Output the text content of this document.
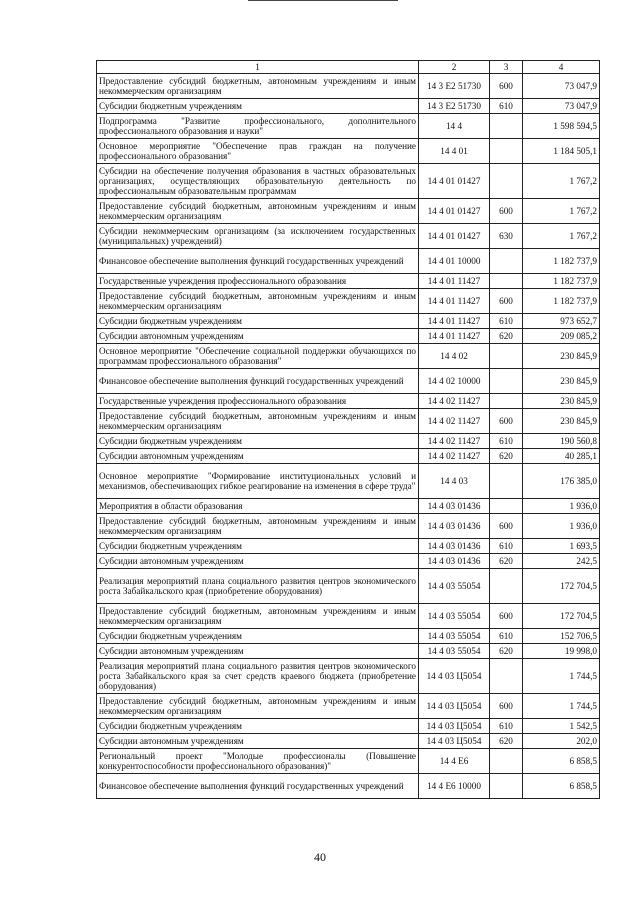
1	2	3	4
Предоставление субсидий бюджетным, автономным учреждениям и иным некоммерческим организациям	14 3 E2 51730	600	73 047,9
Субсидии бюджетным учреждениям	14 3 E2 51730	610	73 047,9
Подпрограмма "Развитие профессионального, дополнительного профессионального образования и науки"	14 4		1 598 594,5
Основное мероприятие "Обеспечение прав граждан на получение профессионального образования"	14 4 01		1 184 505,1
Субсидии на обеспечение получения образования в частных образовательных организациях, осуществляющих образовательную деятельность по профессиональным образовательным программам	14 4 01 01427		1 767,2
Предоставление субсидий бюджетным, автономным учреждениям и иным некоммерческим организациям	14 4 01 01427	600	1 767,2
Субсидии некоммерческим организациям (за исключением государственных (муниципальных) учреждений)	14 4 01 01427	630	1 767,2
Финансовое обеспечение выполнения функций государственных учреждений	14 4 01 10000		1 182 737,9
Государственные учреждения профессионального образования	14 4 01 11427		1 182 737,9
Предоставление субсидий бюджетным, автономным учреждениям и иным некоммерческим организациям	14 4 01 11427	600	1 182 737,9
Субсидии бюджетным учреждениям	14 4 01 11427	610	973 652,7
Субсидии автономным учреждениям	14 4 01 11427	620	209 085,2
Основное мероприятие "Обеспечение социальной поддержки обучающихся по программам профессионального образования"	14 4 02		230 845,9
Финансовое обеспечение выполнения функций государственных учреждений	14 4 02 10000		230 845,9
Государственные учреждения профессионального образования	14 4 02 11427		230 845,9
Предоставление субсидий бюджетным, автономным учреждениям и иным некоммерческим организациям	14 4 02 11427	600	230 845,9
Субсидии бюджетным учреждениям	14 4 02 11427	610	190 560,8
Субсидии автономным учреждениям	14 4 02 11427	620	40 285,1
Основное мероприятие "Формирование институциональных условий и механизмов, обеспечивающих гибкое реагирование на изменения в сфере труда"	14 4 03		176 385,0
Мероприятия в области образования	14 4 03 01436		1 936,0
Предоставление субсидий бюджетным, автономным учреждениям и иным некоммерческим организациям	14 4 03 01436	600	1 936,0
Субсидии бюджетным учреждениям	14 4 03 01436	610	1 693,5
Субсидии автономным учреждениям	14 4 03 01436	620	242,5
Реализация мероприятий плана социального развития центров экономического роста Забайкальского края (приобретение оборудования)	14 4 03 55054		172 704,5
Предоставление субсидий бюджетным, автономным учреждениям и иным некоммерческим организациям	14 4 03 55054	600	172 704,5
Субсидии бюджетным учреждениям	14 4 03 55054	610	152 706,5
Субсидии автономным учреждениям	14 4 03 55054	620	19 998,0
Реализация мероприятий плана социального развития центров экономического роста Забайкальского края за счет средств краевого бюджета (приобретение оборудования)	14 4 03 Ц5054		1 744,5
Предоставление субсидий бюджетным, автономным учреждениям и иным некоммерческим организациям	14 4 03 Ц5054	600	1 744,5
Субсидии бюджетным учреждениям	14 4 03 Ц5054	610	1 542,5
Субсидии автономным учреждениям	14 4 03 Ц5054	620	202,0
Региональный проект "Молодые профессионалы (Повышение конкурентоспособности профессионального образования)"	14 4 E6		6 858,5
Финансовое обеспечение выполнения функций государственных учреждений	14 4 E6 10000		6 858,5
40
